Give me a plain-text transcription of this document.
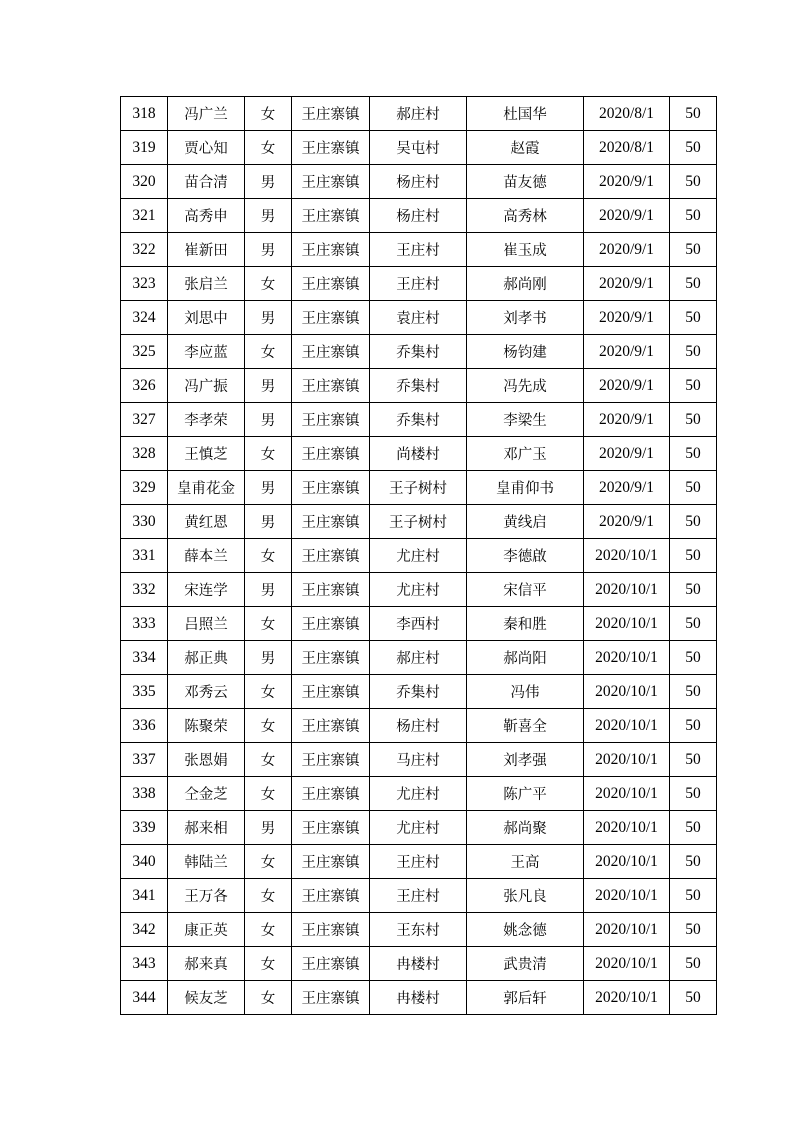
318	冯广兰	女	王庄寨镇	郝庄村	杜国华	2020/8/1	50
319	贾心知	女	王庄寨镇	吴屯村	赵霞	2020/8/1	50
320	苗合清	男	王庄寨镇	杨庄村	苗友德	2020/9/1	50
321	高秀申	男	王庄寨镇	杨庄村	高秀林	2020/9/1	50
322	崔新田	男	王庄寨镇	王庄村	崔玉成	2020/9/1	50
323	张启兰	女	王庄寨镇	王庄村	郝尚刚	2020/9/1	50
324	刘思中	男	王庄寨镇	袁庄村	刘孝书	2020/9/1	50
325	李应蓝	女	王庄寨镇	乔集村	杨钧建	2020/9/1	50
326	冯广振	男	王庄寨镇	乔集村	冯先成	2020/9/1	50
327	李孝荣	男	王庄寨镇	乔集村	李梁生	2020/9/1	50
328	王慎芝	女	王庄寨镇	尚楼村	邓广玉	2020/9/1	50
329	皇甫花金	男	王庄寨镇	王子树村	皇甫仰书	2020/9/1	50
330	黄红恩	男	王庄寨镇	王子树村	黄线启	2020/9/1	50
331	薛本兰	女	王庄寨镇	尤庄村	李德啟	2020/10/1	50
332	宋连学	男	王庄寨镇	尤庄村	宋信平	2020/10/1	50
333	吕照兰	女	王庄寨镇	李西村	秦和胜	2020/10/1	50
334	郝正典	男	王庄寨镇	郝庄村	郝尚阳	2020/10/1	50
335	邓秀云	女	王庄寨镇	乔集村	冯伟	2020/10/1	50
336	陈聚荣	女	王庄寨镇	杨庄村	靳喜全	2020/10/1	50
337	张恩娟	女	王庄寨镇	马庄村	刘孝强	2020/10/1	50
338	仝金芝	女	王庄寨镇	尤庄村	陈广平	2020/10/1	50
339	郝来相	男	王庄寨镇	尤庄村	郝尚聚	2020/10/1	50
340	韩陆兰	女	王庄寨镇	王庄村	王高	2020/10/1	50
341	王万各	女	王庄寨镇	王庄村	张凡良	2020/10/1	50
342	康正英	女	王庄寨镇	王东村	姚念德	2020/10/1	50
343	郝来真	女	王庄寨镇	冉楼村	武贵清	2020/10/1	50
344	候友芝	女	王庄寨镇	冉楼村	郭后轩	2020/10/1	50
